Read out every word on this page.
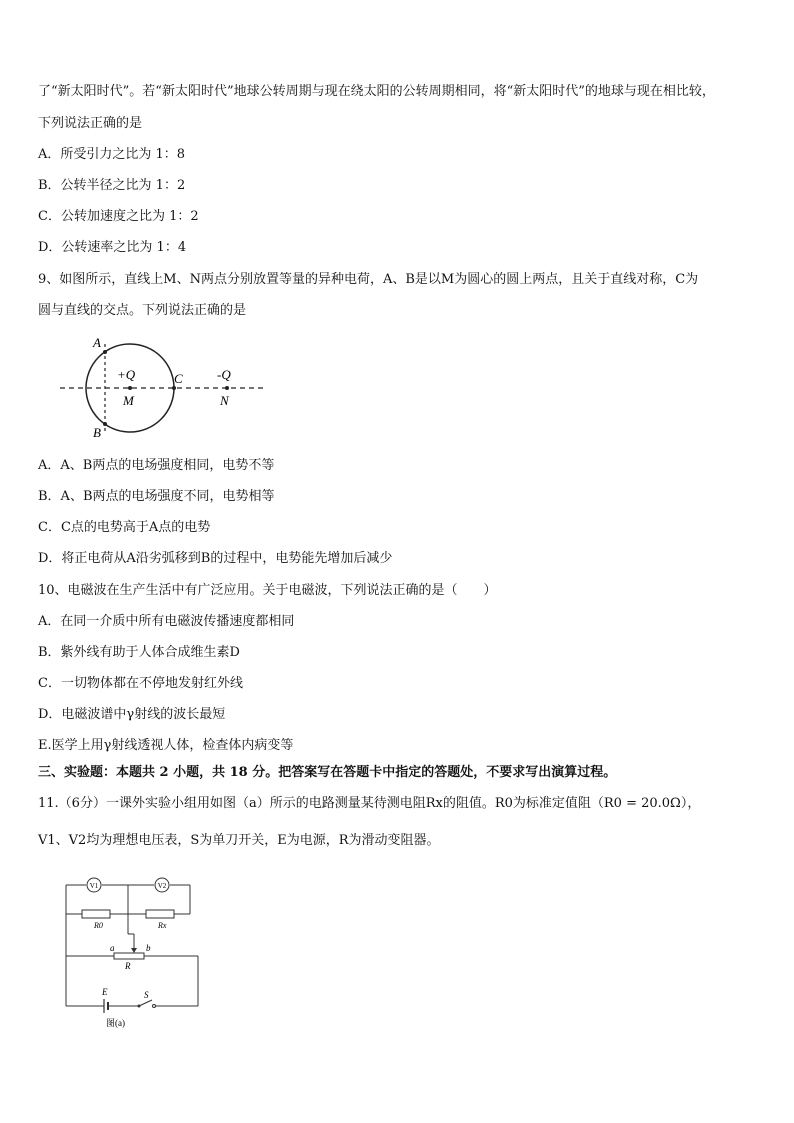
了“新太阳时代”。若“新太阳时代”地球公转周期与现在绕太阳的公转周期相同，将“新太阳时代”的地球与现在相比较，
下列说法正确的是
A．所受引力之比为 1：8
B．公转半径之比为 1：2
C．公转加速度之比为 1：2
D．公转速率之比为 1：4
9、如图所示，直线上M、N两点分别放置等量的异种电荷，A、B是以M为圆心的圆上两点，且关于直线对称，C为
圆与直线的交点。下列说法正确的是
A
B
+Q
M
C	-Q
N
A．A、B两点的电场强度相同，电势不等
B．A、B两点的电场强度不同，电势相等
C．C点的电势高于A点的电势
D．将正电荷从A沿劣弧移到B的过程中，电势能先增加后减少
10、电磁波在生产生活中有广泛应用。关于电磁波，下列说法正确的是（　　）
A．在同一介质中所有电磁波传播速度都相同
B．紫外线有助于人体合成维生素D
C．一切物体都在不停地发射红外线
D．电磁波谱中γ射线的波长最短
E.医学上用γ射线透视人体，检查体内病变等
三、实验题：本题共 2 小题，共 18 分。把答案写在答题卡中指定的答题处，不要求写出演算过程。
11.（6分）一课外实验小组用如图（a）所示的电路测量某待测电阻Rx的阻值。R0为标准定值阻（R0 = 20.0Ω），
V1、V2均为理想电压表，S为单刀开关，E为电源，R为滑动变阻器。
V1	V2
R0	Rx
a	b
R
E	S
图(a)
